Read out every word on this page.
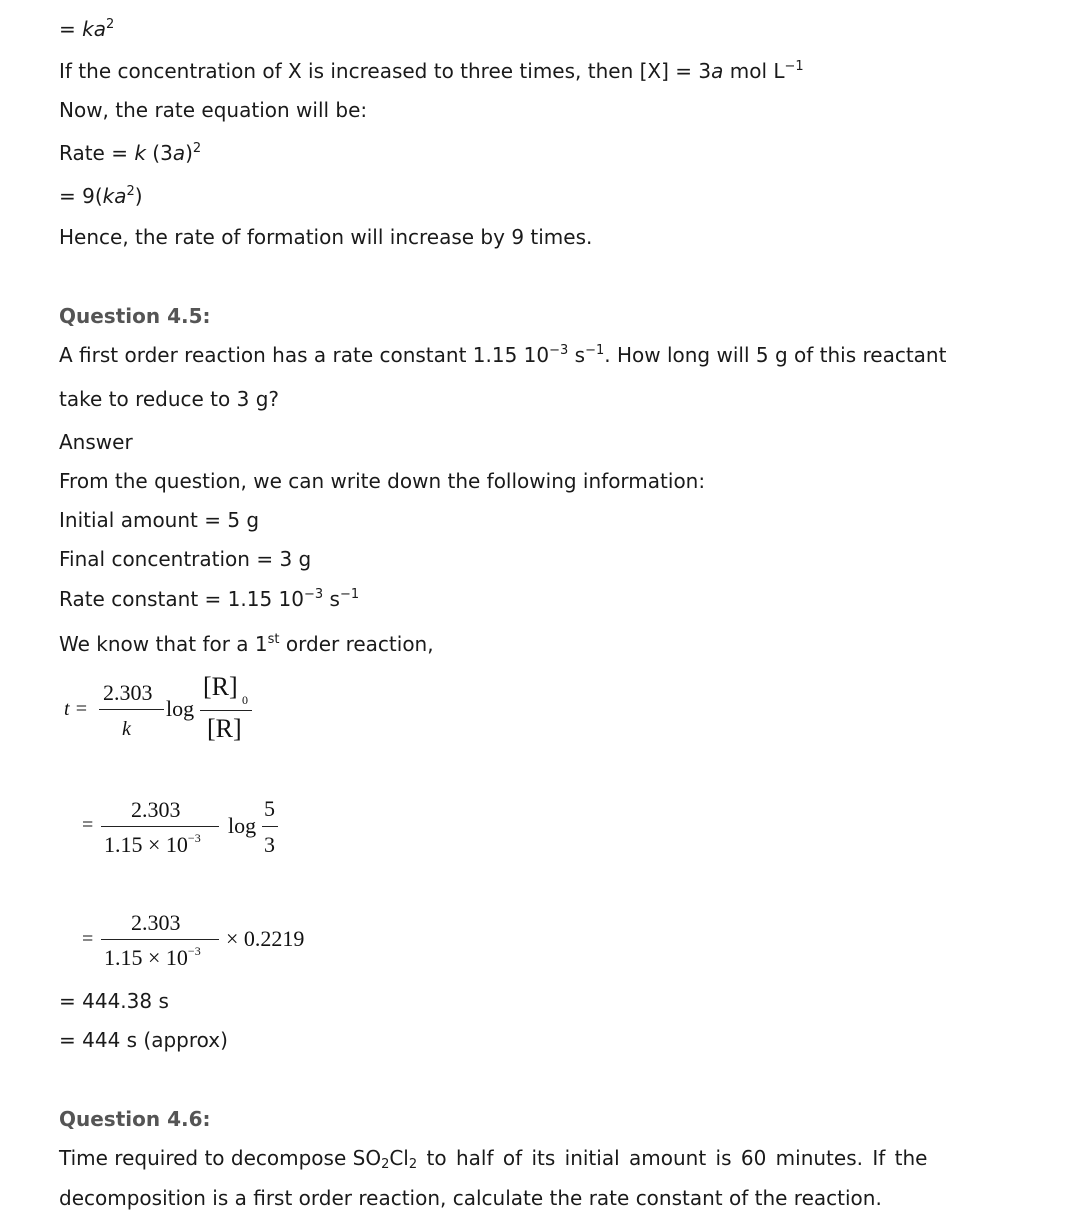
= $ka^2$
If the concentration of X is increased to three times, then [X] = 3a mol $L^{-1}$
Now, the rate equation will be:
Rate = k $(3a)^2$
= $9(ka^2)$
Hence, the rate of formation will increase by 9 times.
Question 4.5:
A first order reaction has a rate constant 1.15 $10^{-3}$ $s^{-1}$. How long will 5 g of this reactant
take to reduce to 3 g?
Answer
From the question, we can write down the following information:
Initial amount = 5 g
Final concentration = 3 g
Rate constant = 1.15 $10^{-3}$ $s^{-1}$
We know that for a 1st order reaction,
t =
2.303
k
log
[R] 0
[R]
=
2.303
$1.15 \times 10^{-3}$ log
5
3
=
2.303
$1.15 \times 10^{-3} \times 0.2219$
= 444.38 s
= 444 s (approx)
Question 4.6:
Time required to decompose $SO_2Cl_2$ to half of its initial amount is 60 minutes. If the
decomposition is a first order reaction, calculate the rate constant of the reaction.
